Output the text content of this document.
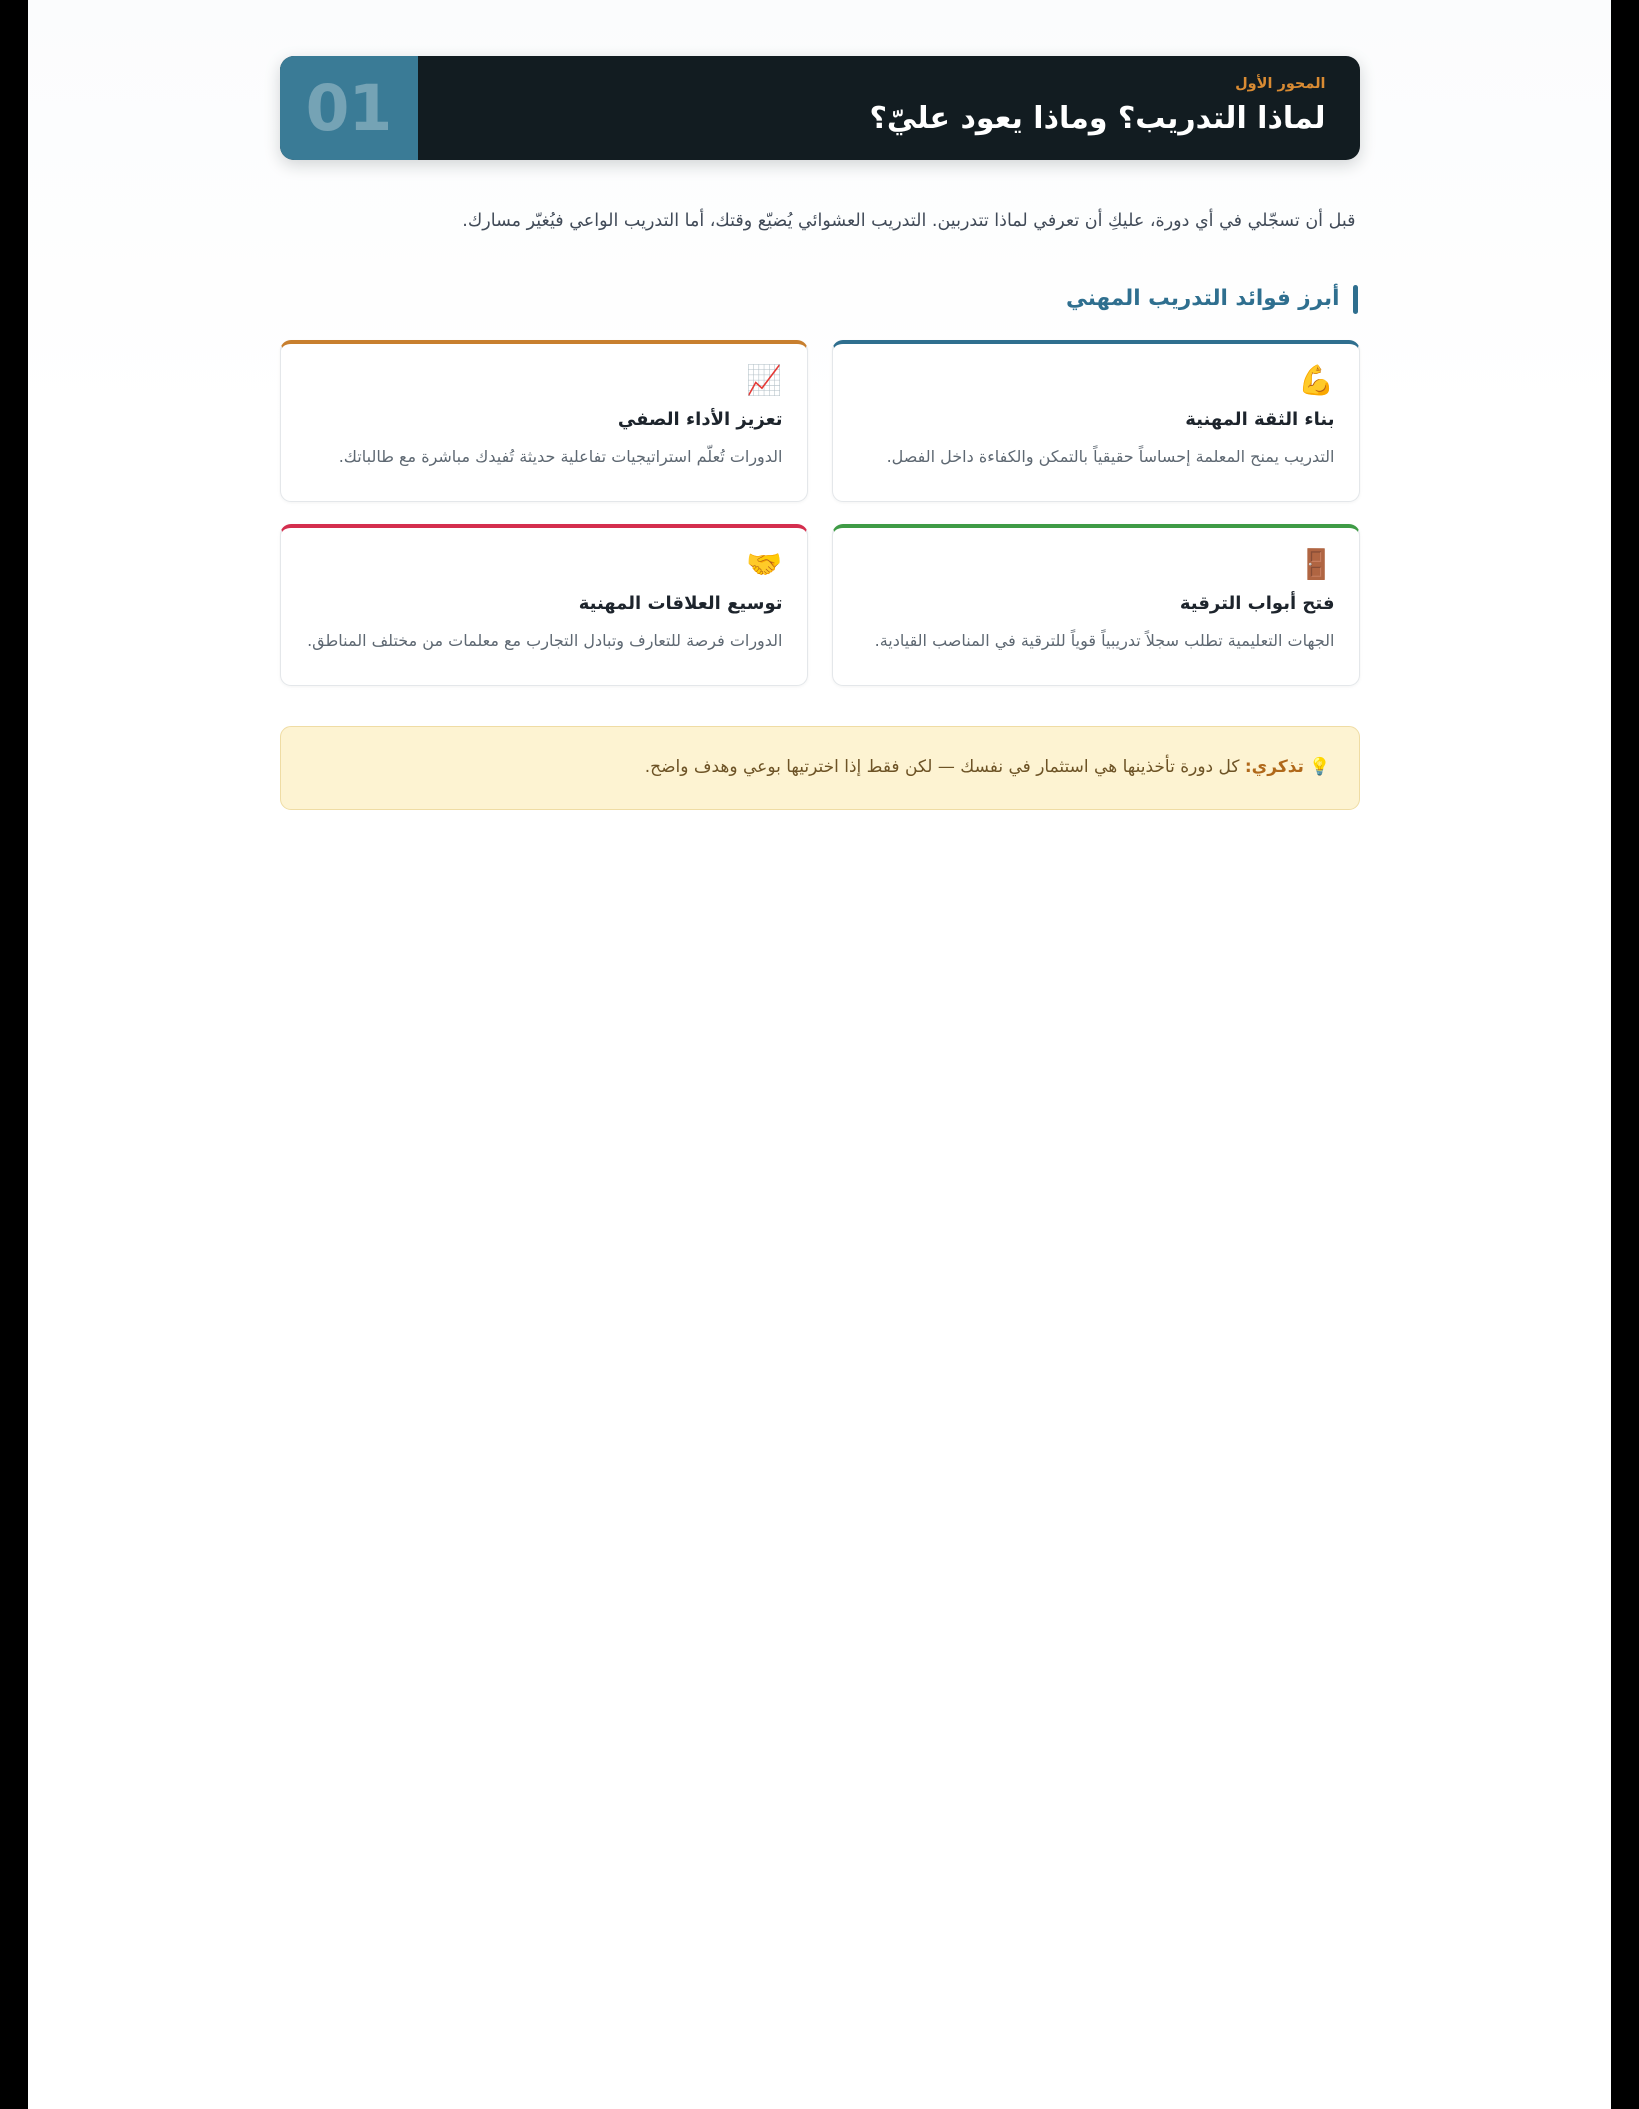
المحور الأول
لماذا التدريب؟ وماذا يعود عليّ؟
01

قبل أن تسجّلي في أي دورة، عليكِ أن تعرفي لماذا تتدربين. التدريب العشوائي يُضيّع وقتك، أما التدريب الواعي فيُغيّر مسارك.

أبرز فوائد التدريب المهني
💪
بناء الثقة المهنية
التدريب يمنح المعلمة إحساساً حقيقياً بالتمكن والكفاءة داخل الفصل.
📈
تعزيز الأداء الصفي
الدورات تُعلّم استراتيجيات تفاعلية حديثة تُفيدك مباشرة مع طالباتك.
🚪
فتح أبواب الترقية
الجهات التعليمية تطلب سجلاً تدريبياً قوياً للترقية في المناصب القيادية.
🤝
توسيع العلاقات المهنية
الدورات فرصة للتعارف وتبادل التجارب مع معلمات من مختلف المناطق.
💡 تذكري: كل دورة تأخذينها هي استثمار في نفسك — لكن فقط إذا اخترتيها بوعي وهدف واضح.
